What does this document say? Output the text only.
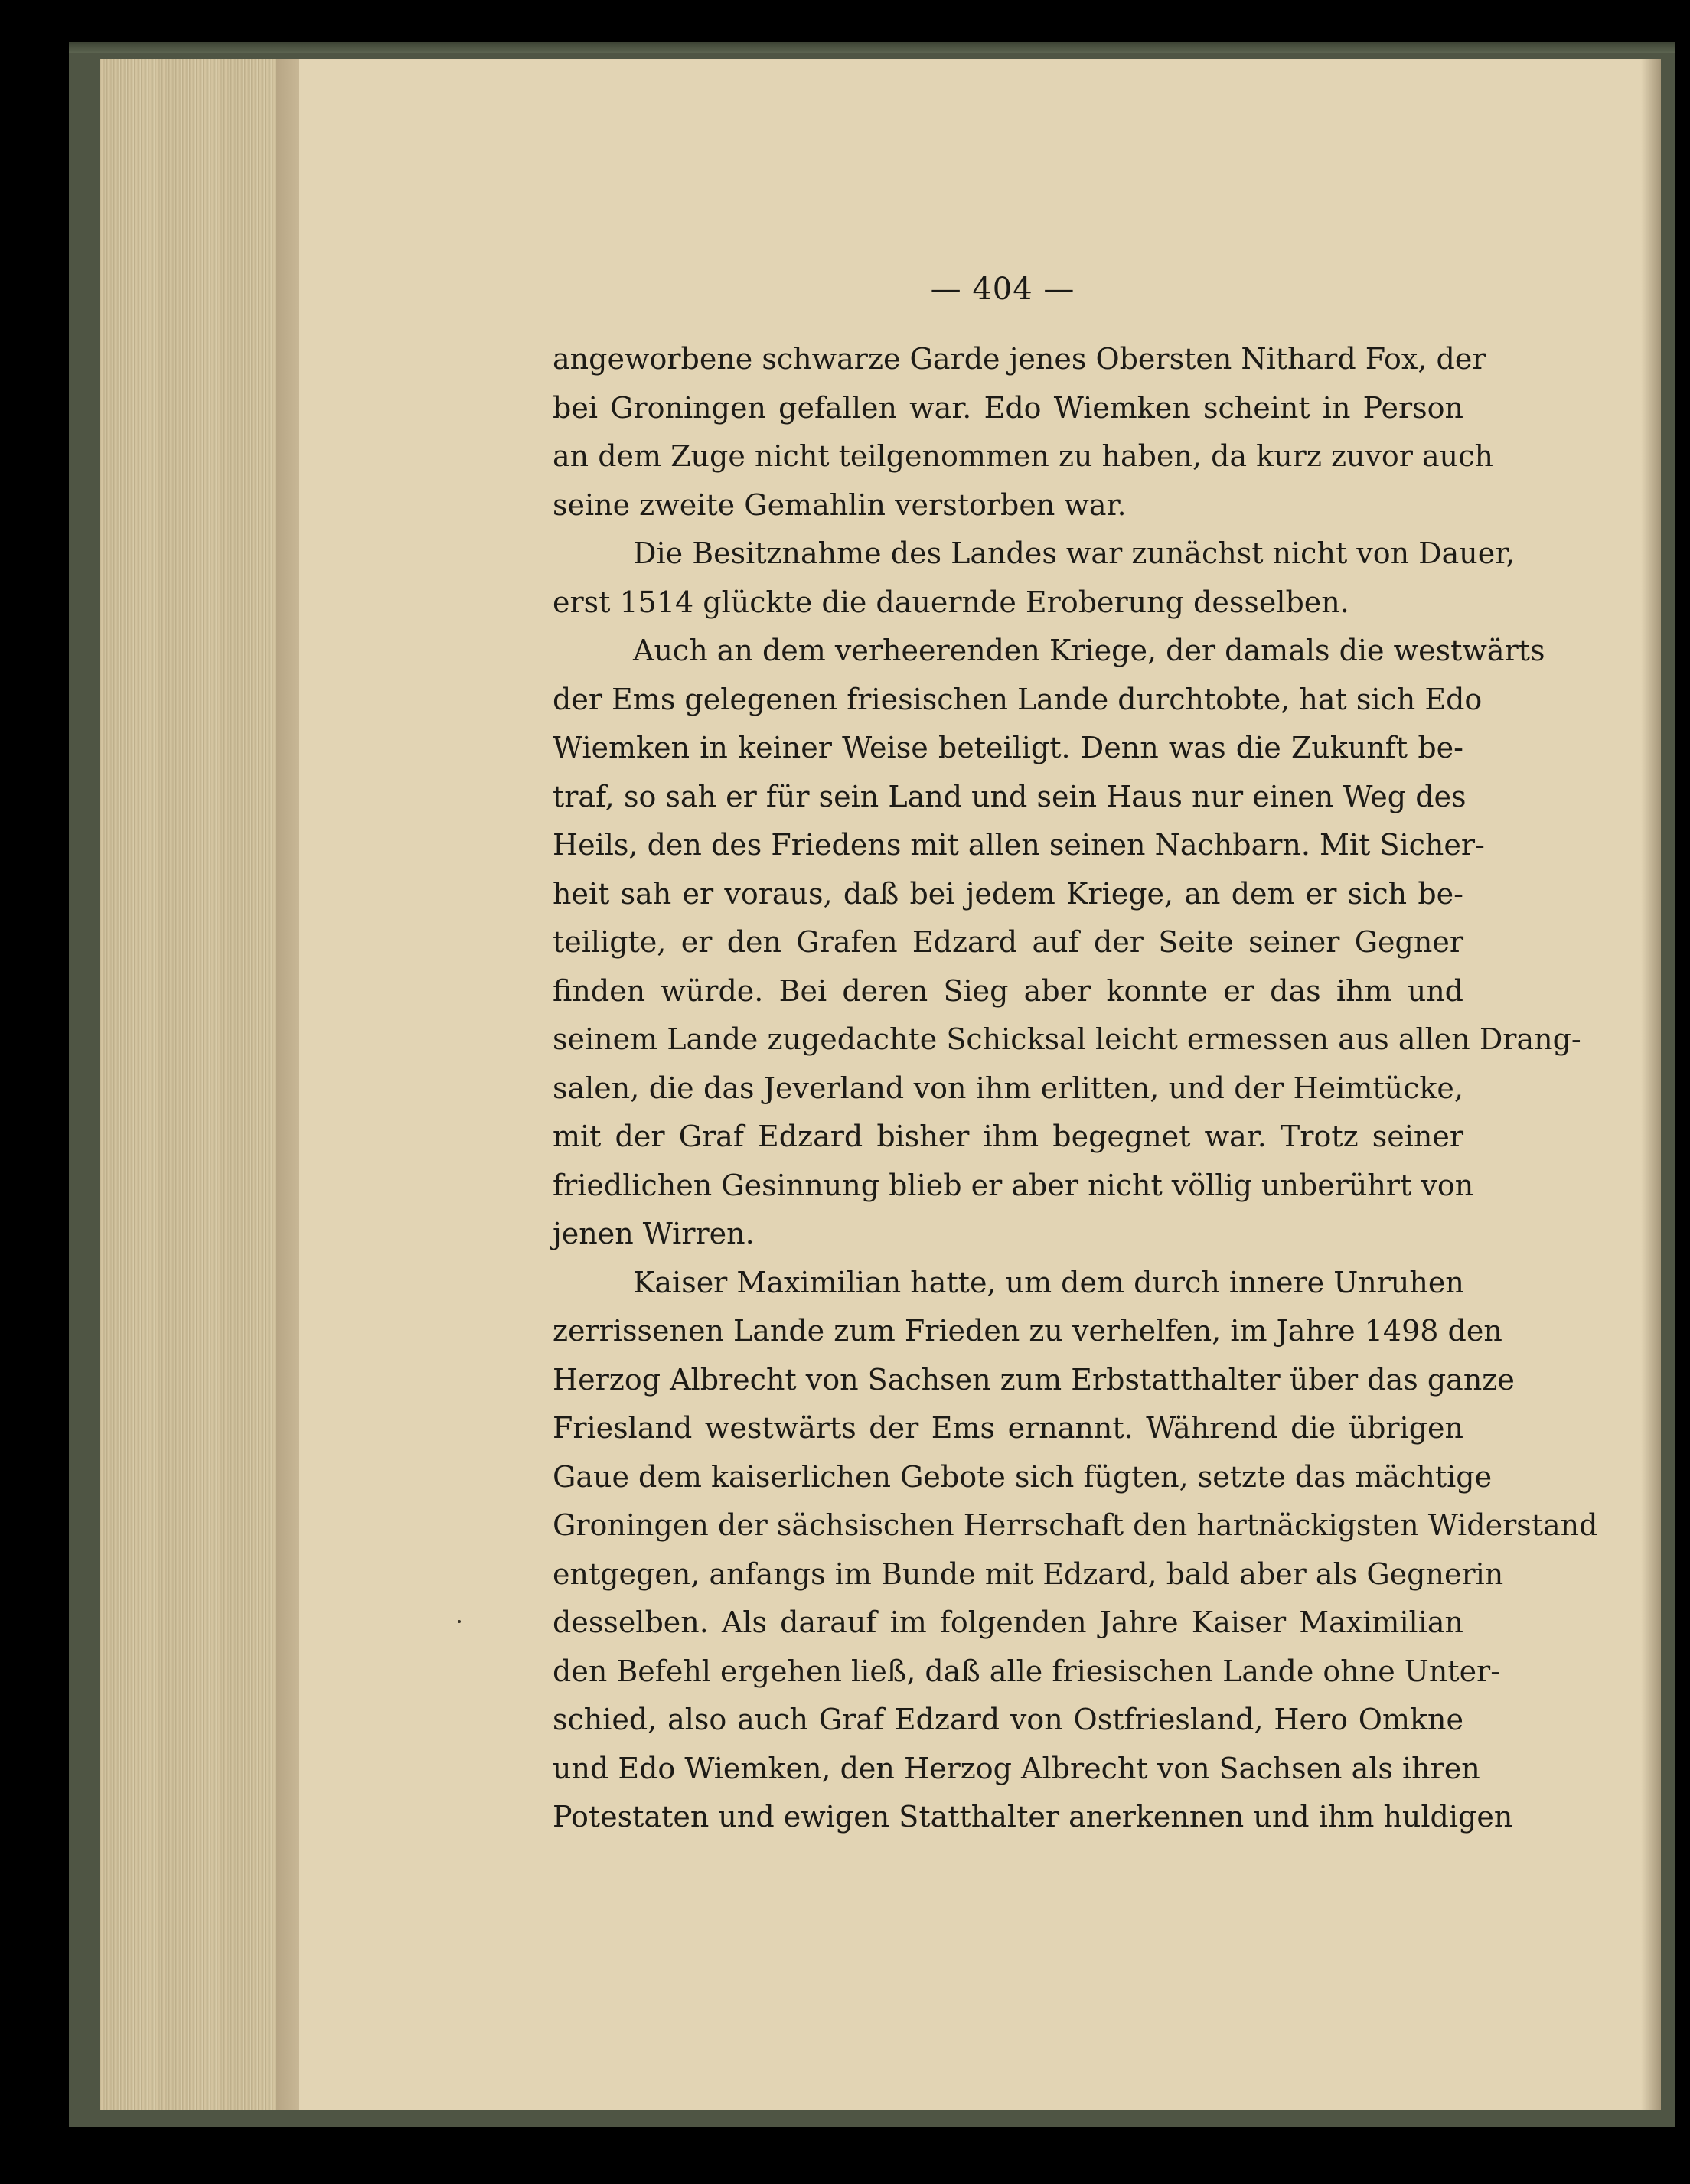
— 404 —
angeworbene schwarze Garde jenes Obersten Nithard Fox, der
bei Groningen gefallen war. Edo Wiemken scheint in Person
an dem Zuge nicht teilgenommen zu haben, da kurz zuvor auch
seine zweite Gemahlin verstorben war.
Die Besitznahme des Landes war zunächst nicht von Dauer,
erst 1514 glückte die dauernde Eroberung desselben.
Auch an dem verheerenden Kriege, der damals die westwärts
der Ems gelegenen friesischen Lande durchtobte, hat sich Edo
Wiemken in keiner Weise beteiligt. Denn was die Zukunft be-
traf, so sah er für sein Land und sein Haus nur einen Weg des
Heils, den des Friedens mit allen seinen Nachbarn. Mit Sicher-
heit sah er voraus, daß bei jedem Kriege, an dem er sich be-
teiligte, er den Grafen Edzard auf der Seite seiner Gegner
finden würde. Bei deren Sieg aber konnte er das ihm und
seinem Lande zugedachte Schicksal leicht ermessen aus allen Drang-
salen, die das Jeverland von ihm erlitten, und der Heimtücke,
mit der Graf Edzard bisher ihm begegnet war. Trotz seiner
friedlichen Gesinnung blieb er aber nicht völlig unberührt von
jenen Wirren.
Kaiser Maximilian hatte, um dem durch innere Unruhen
zerrissenen Lande zum Frieden zu verhelfen, im Jahre 1498 den
Herzog Albrecht von Sachsen zum Erbstatthalter über das ganze
Friesland westwärts der Ems ernannt. Während die übrigen
Gaue dem kaiserlichen Gebote sich fügten, setzte das mächtige
Groningen der sächsischen Herrschaft den hartnäckigsten Widerstand
entgegen, anfangs im Bunde mit Edzard, bald aber als Gegnerin
desselben. Als darauf im folgenden Jahre Kaiser Maximilian
den Befehl ergehen ließ, daß alle friesischen Lande ohne Unter-
schied, also auch Graf Edzard von Ostfriesland, Hero Omkne
und Edo Wiemken, den Herzog Albrecht von Sachsen als ihren
Potestaten und ewigen Statthalter anerkennen und ihm huldigen
